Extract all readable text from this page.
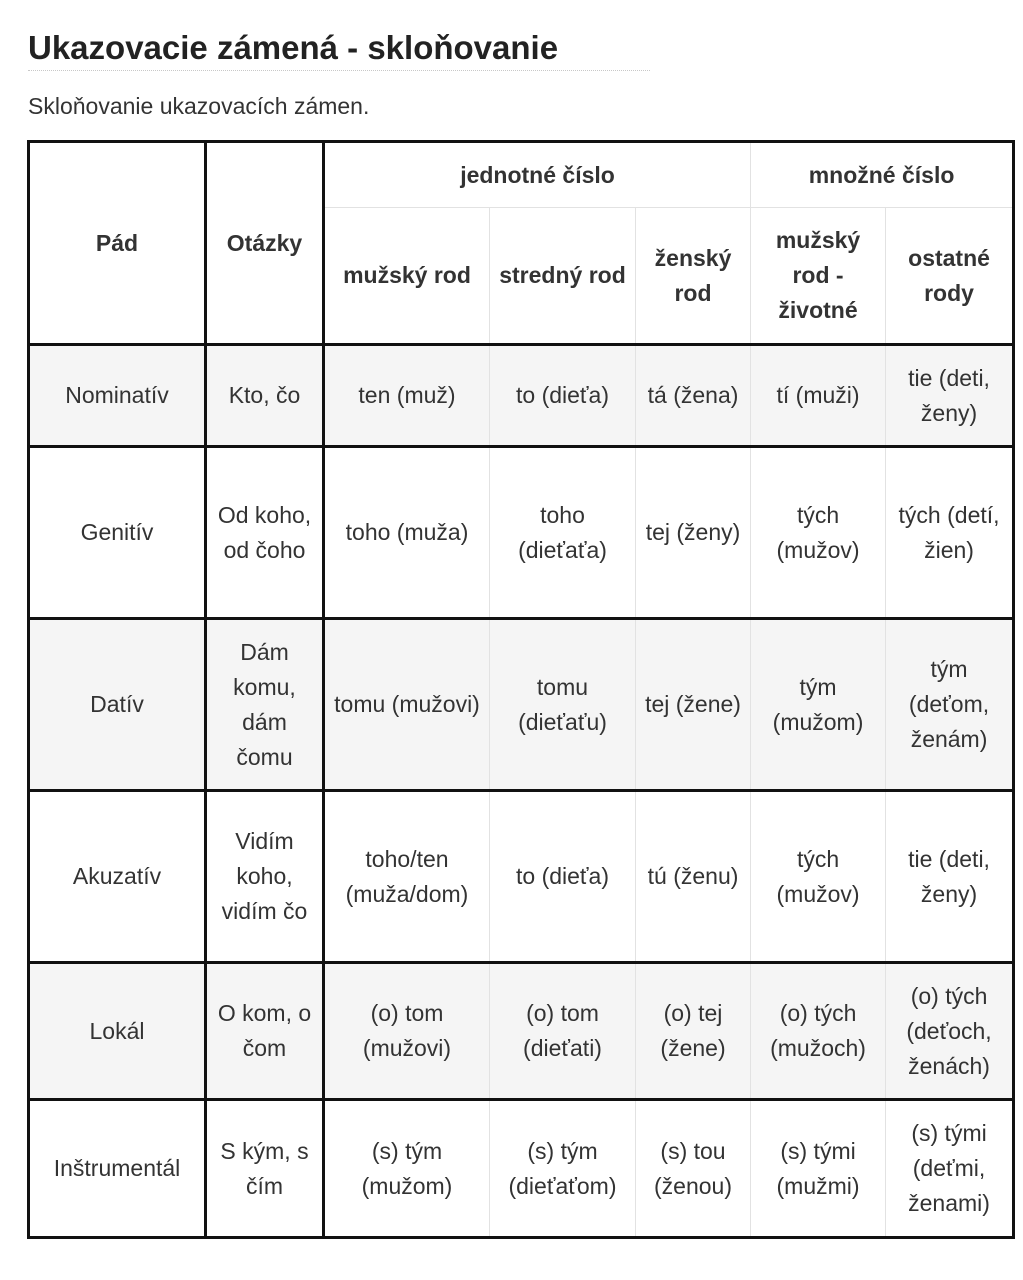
Ukazovacie zámená - skloňovanie
Skloňovanie ukazovacích zámen.
Pád	Otázky	jednotné číslo			množné číslo	
		mužský rod	stredný rod	ženský rod	mužský rod - životné	ostatné rody
Nominatív	Kto, čo	ten (muž)	to (dieťa)	tá (žena)	tí (muži)	tie (deti, ženy)
Genitív	Od koho, od čoho	toho (muža)	toho (dieťaťa)	tej (ženy)	tých (mužov)	tých (detí, žien)
Datív	Dám komu, dám čomu	tomu (mužovi)	tomu (dieťaťu)	tej (žene)	tým (mužom)	tým (deťom, ženám)
Akuzatív	Vidím koho, vidím čo	toho/ten (muža/dom)	to (dieťa)	tú (ženu)	tých (mužov)	tie (deti, ženy)
Lokál	O kom, o čom	(o) tom (mužovi)	(o) tom (dieťati)	(o) tej (žene)	(o) tých (mužoch)	(o) tých (deťoch, ženách)
Inštrumentál	S kým, s čím	(s) tým (mužom)	(s) tým (dieťaťom)	(s) tou (ženou)	(s) tými (mužmi)	(s) tými (deťmi, ženami)
